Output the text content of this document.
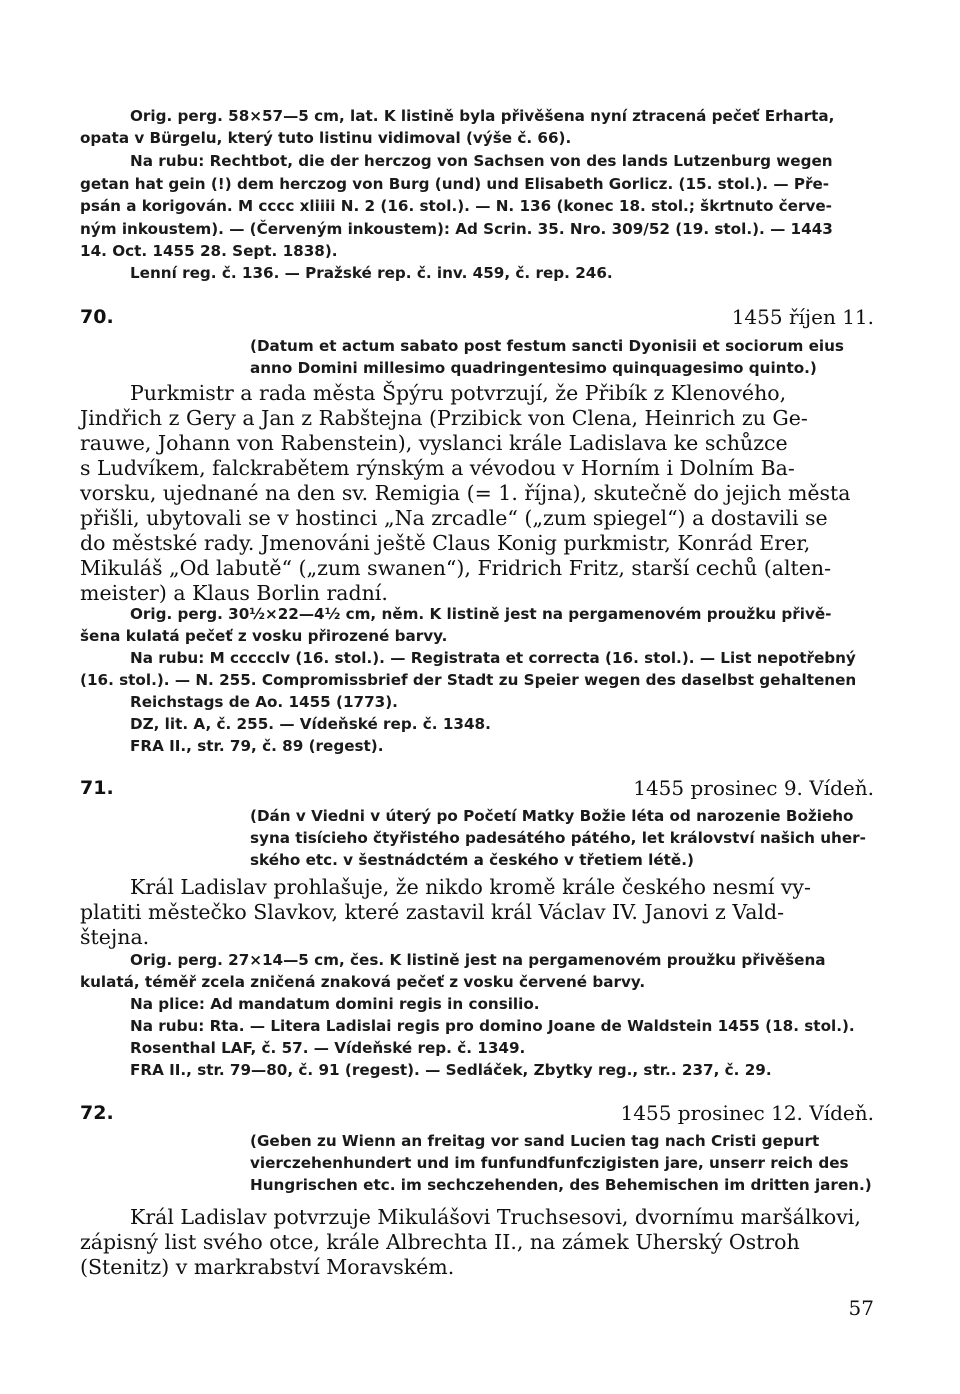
Orig. perg. 58×57—5 cm, lat. K listině byla přivěšena nyní ztracená pečeť Erharta,
opata v Bürgelu, který tuto listinu vidimoval (výše č. 66).
Na rubu: Rechtbot, die der herczog von Sachsen von des lands Lutzenburg wegen
getan hat gein (!) dem herczog von Burg (und) und Elisabeth Gorlicz. (15. stol.). — Pře-
psán a korigován. M cccc xliiii N. 2 (16. stol.). — N. 136 (konec 18. stol.; škrtnuto červe-
ným inkoustem). — (Červeným inkoustem): Ad Scrin. 35. Nro. 309/52 (19. stol.). — 1443
14. Oct. 1455 28. Sept. 1838).
Lenní reg. č. 136. — Pražské rep. č. inv. 459, č. rep. 246.
70.	1455 říjen 11.
(Datum et actum sabato post festum sancti Dyonisii et sociorum eius
anno Domini millesimo quadringentesimo quinquagesimo quinto.)
Purkmistr a rada města Špýru potvrzují, že Přibík z Klenového,
Jindřich z Gery a Jan z Rabštejna (Przibick von Clena, Heinrich zu Ge-
rauwe, Johann von Rabenstein), vyslanci krále Ladislava ke schůzce
s Ludvíkem, falckrabětem rýnským a vévodou v Horním i Dolním Ba-
vorsku, ujednané na den sv. Remigia (= 1. října), skutečně do jejich města
přišli, ubytovali se v hostinci „Na zrcadle“ („zum spiegel“) a dostavili se
do městské rady. Jmenováni ještě Claus Konig purkmistr, Konrád Erer,
Mikuláš „Od labutě“ („zum swanen“), Fridrich Fritz, starší cechů (alten-
meister) a Klaus Borlin radní.
Orig. perg. 30½×22—4½ cm, něm. K listině jest na pergamenovém proužku přivě-
šena kulatá pečeť z vosku přirozené barvy.
Na rubu: M ccccclv (16. stol.). — Registrata et correcta (16. stol.). — List nepotřebný
(16. stol.). — N. 255. Compromissbrief der Stadt zu Speier wegen des daselbst gehaltenen
Reichstags de Ao. 1455 (1773).
DZ, lit. A, č. 255. — Vídeňské rep. č. 1348.
FRA II., str. 79, č. 89 (regest).
71.	1455 prosinec 9. Vídeň.
(Dán v Viedni v úterý po Početí Matky Božie léta od narozenie Božieho
syna tisícieho čtyřistého padesátého pátého, let království našich uher-
ského etc. v šestnádctém a českého v třetiem létě.)
Král Ladislav prohlašuje, že nikdo kromě krále českého nesmí vy-
platiti městečko Slavkov, které zastavil král Václav IV. Janovi z Vald-
štejna.
Orig. perg. 27×14—5 cm, čes. K listině jest na pergamenovém proužku přivěšena
kulatá, téměř zcela zničená znaková pečeť z vosku červené barvy.
Na plice: Ad mandatum domini regis in consilio.
Na rubu: Rta. — Litera Ladislai regis pro domino Joane de Waldstein 1455 (18. stol.).
Rosenthal LAF, č. 57. — Vídeňské rep. č. 1349.
FRA II., str. 79—80, č. 91 (regest). — Sedláček, Zbytky reg., str.. 237, č. 29.
72.	1455 prosinec 12. Vídeň.
(Geben zu Wienn an freitag vor sand Lucien tag nach Cristi gepurt
vierczehenhundert und im funfundfunfczigisten jare, unserr reich des
Hungrischen etc. im sechczehenden, des Behemischen im dritten jaren.)
Král Ladislav potvrzuje Mikulášovi Truchsesovi, dvornímu maršálkovi,
zápisný list svého otce, krále Albrechta II., na zámek Uherský Ostroh
(Stenitz) v markrabství Moravském.
57
